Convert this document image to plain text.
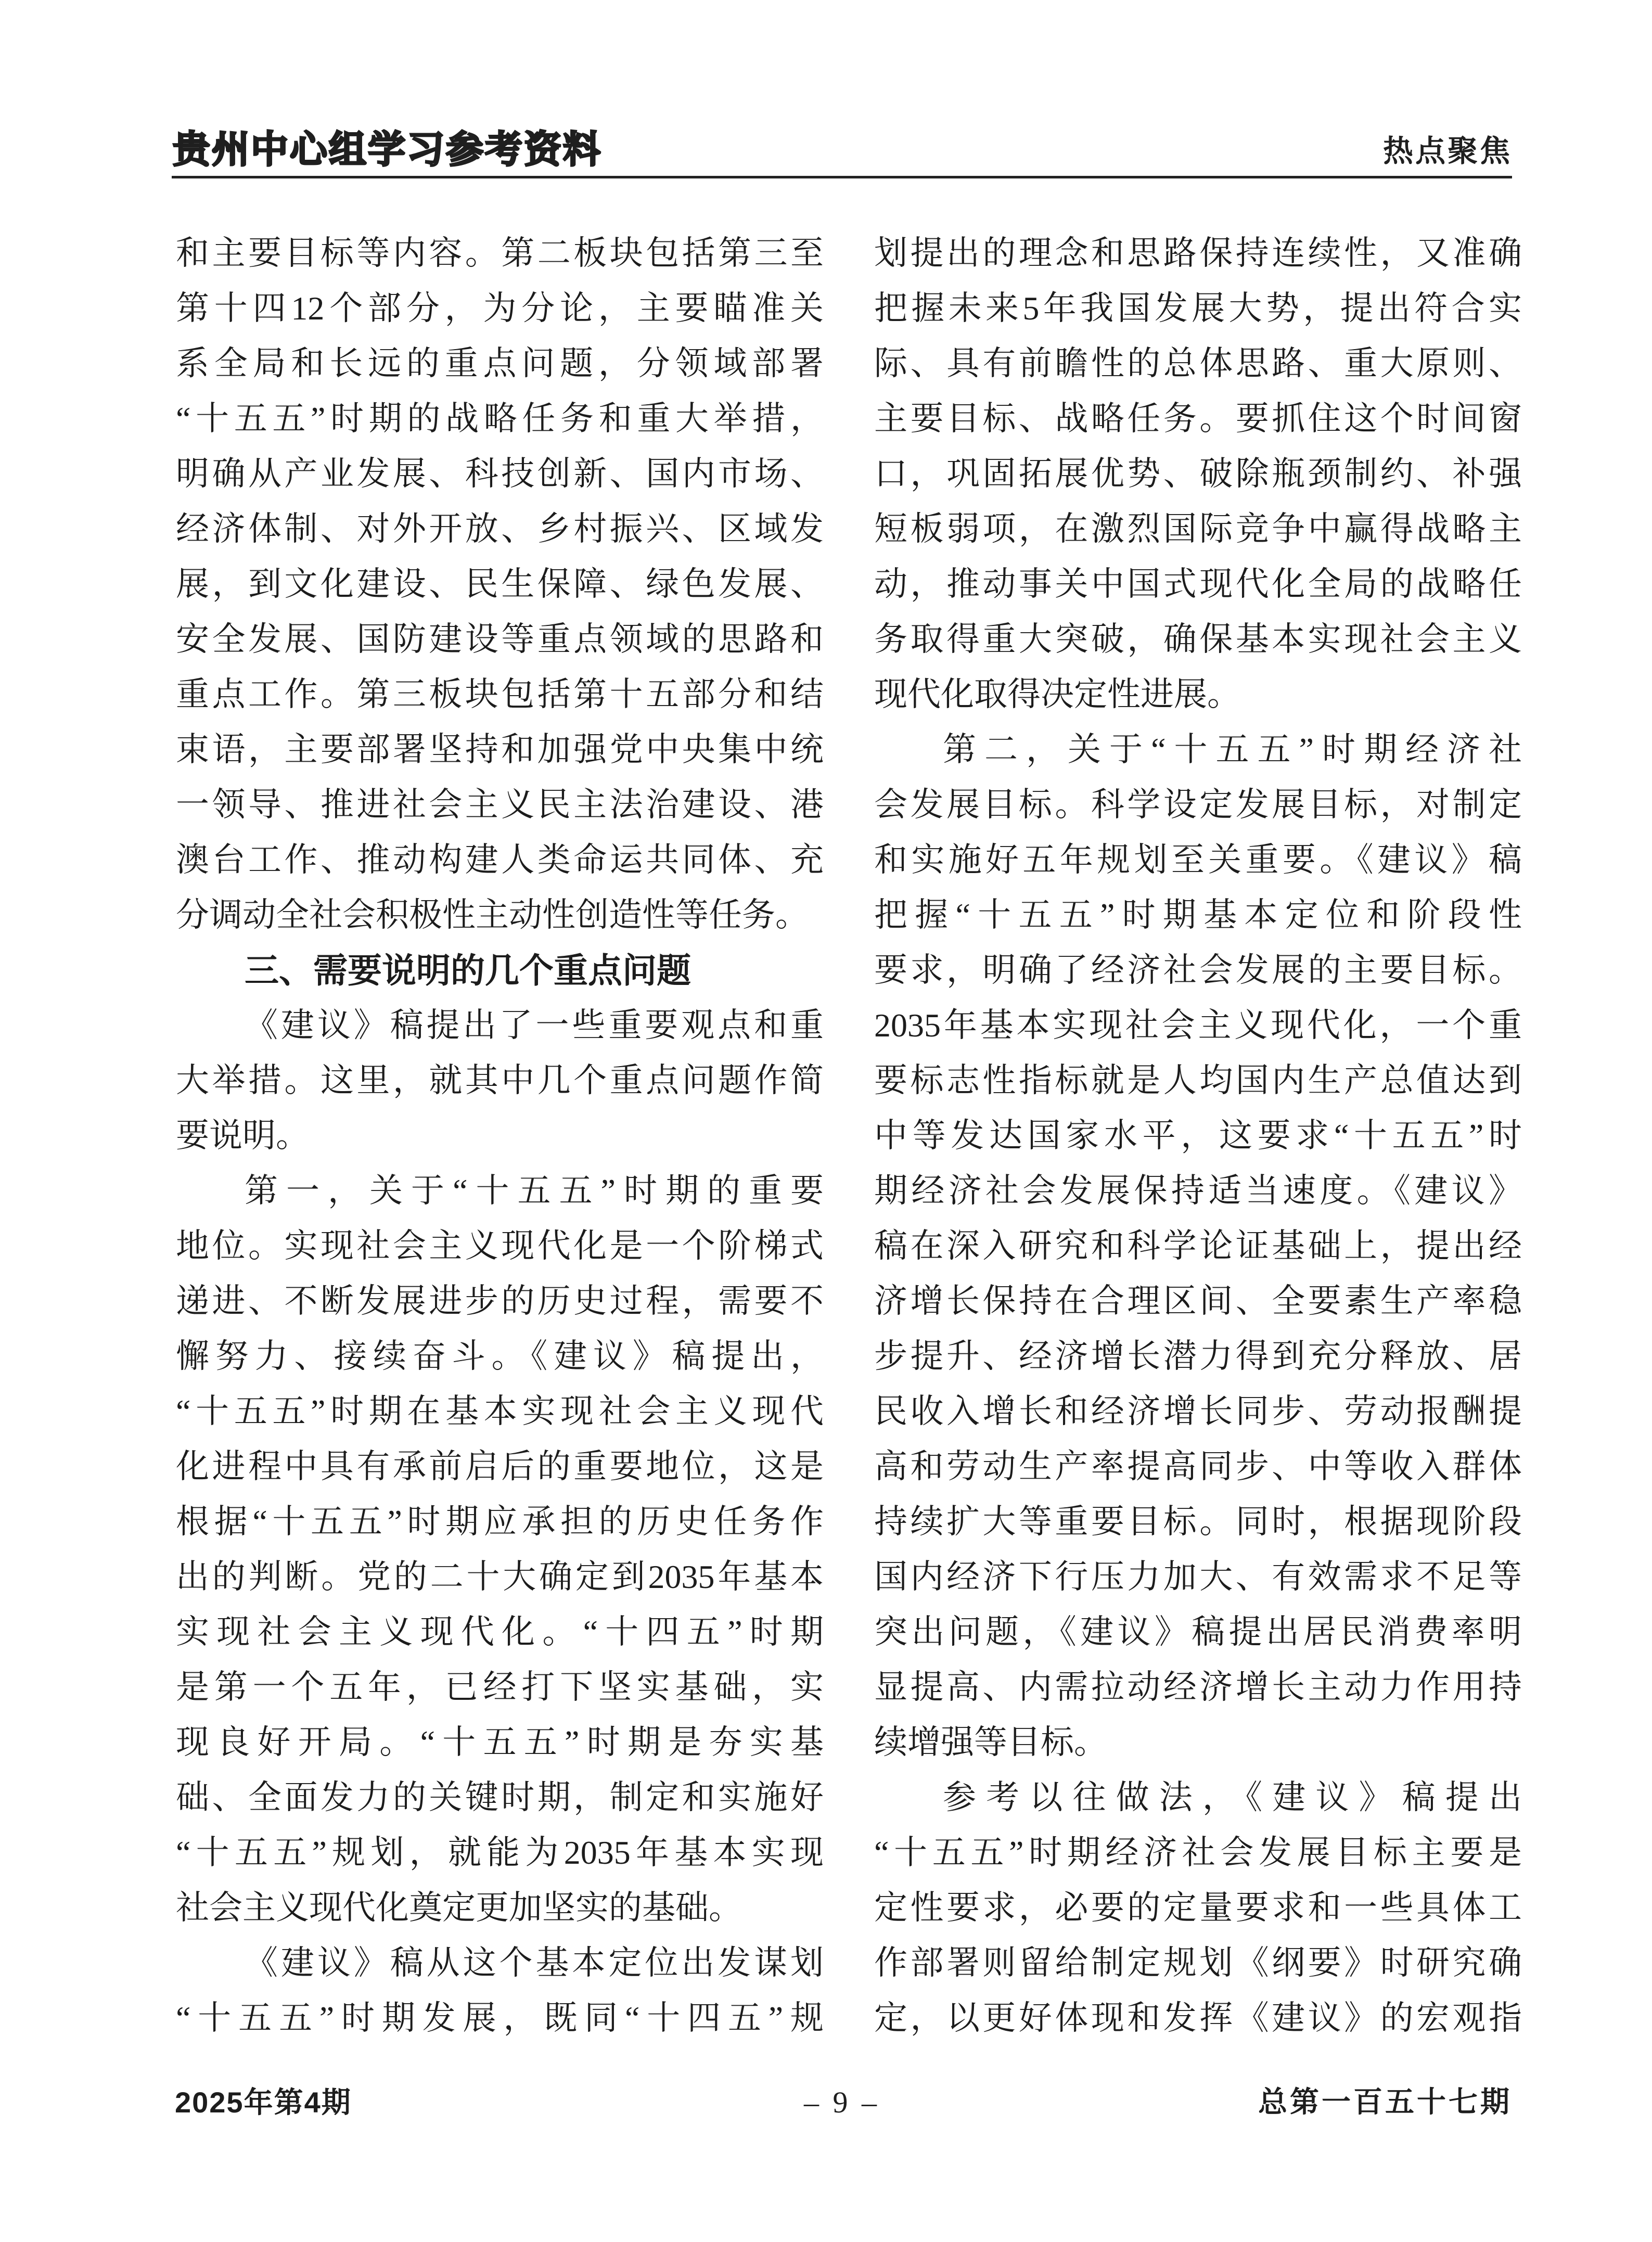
贵州中心组学习参考资料	热点聚焦
和主要目标等内容。第二板块包括第三至
第十四12个部分，为分论，主要瞄准关
系全局和长远的重点问题，分领域部署
“十五五”时期的战略任务和重大举措，
明确从产业发展、科技创新、国内市场、
经济体制、对外开放、乡村振兴、区域发
展，到文化建设、民生保障、绿色发展、
安全发展、国防建设等重点领域的思路和
重点工作。第三板块包括第十五部分和结
束语，主要部署坚持和加强党中央集中统
一领导、推进社会主义民主法治建设、港
澳台工作、推动构建人类命运共同体、充
分调动全社会积极性主动性创造性等任务。
三、需要说明的几个重点问题
《建议》稿提出了一些重要观点和重
大举措。这里，就其中几个重点问题作简
要说明。
第一，关于“十五五”时期的重要
地位。实现社会主义现代化是一个阶梯式
递进、不断发展进步的历史过程，需要不
懈努力、接续奋斗。《建议》稿提出，
“十五五”时期在基本实现社会主义现代
化进程中具有承前启后的重要地位，这是
根据“十五五”时期应承担的历史任务作
出的判断。党的二十大确定到2035年基本
实现社会主义现代化。“十四五”时期
是第一个五年，已经打下坚实基础，实
现良好开局。“十五五”时期是夯实基
础、全面发力的关键时期，制定和实施好
“十五五”规划，就能为2035年基本实现
社会主义现代化奠定更加坚实的基础。
《建议》稿从这个基本定位出发谋划
“十五五”时期发展，既同“十四五”规
划提出的理念和思路保持连续性，又准确
把握未来5年我国发展大势，提出符合实
际、具有前瞻性的总体思路、重大原则、
主要目标、战略任务。要抓住这个时间窗
口，巩固拓展优势、破除瓶颈制约、补强
短板弱项，在激烈国际竞争中赢得战略主
动，推动事关中国式现代化全局的战略任
务取得重大突破，确保基本实现社会主义
现代化取得决定性进展。
第二，关于“十五五”时期经济社
会发展目标。科学设定发展目标，对制定
和实施好五年规划至关重要。《建议》稿
把握“十五五”时期基本定位和阶段性
要求，明确了经济社会发展的主要目标。
2035年基本实现社会主义现代化，一个重
要标志性指标就是人均国内生产总值达到
中等发达国家水平，这要求“十五五”时
期经济社会发展保持适当速度。《建议》
稿在深入研究和科学论证基础上，提出经
济增长保持在合理区间、全要素生产率稳
步提升、经济增长潜力得到充分释放、居
民收入增长和经济增长同步、劳动报酬提
高和劳动生产率提高同步、中等收入群体
持续扩大等重要目标。同时，根据现阶段
国内经济下行压力加大、有效需求不足等
突出问题，《建议》稿提出居民消费率明
显提高、内需拉动经济增长主动力作用持
续增强等目标。
参考以往做法，《建议》稿提出
“十五五”时期经济社会发展目标主要是
定性要求，必要的定量要求和一些具体工
作部署则留给制定规划《纲要》时研究确
定，以更好体现和发挥《建议》的宏观指
2025年第4期	– 9 –	总第一百五十七期
